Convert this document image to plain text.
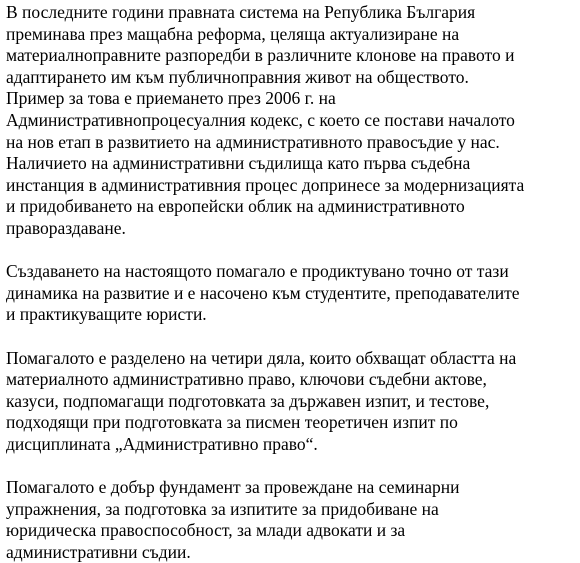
В последните години правната система на Република България
преминава през мащабна реформа, целяща актуализиране на
материалноправните разпоредби в различните клонове на правото и
адаптирането им към публичноправния живот на обществото.
Пример за това е приемането през 2006 г. на
Административнопроцесуалния кодекс, с което се постави началото
на нов етап в развитието на административното правосъдие у нас.
Наличието на административни съдилища като първа съдебна
инстанция в административния процес допринесе за модернизацията
и придобиването на европейски облик на административното
правораздаване.

Създаването на настоящото помагало е продиктувано точно от тази
динамика на развитие и е насочено към студентите, преподавателите
и практикуващите юристи.

Помагалото е разделено на четири дяла, които обхващат областта на
материалното административно право, ключови съдебни актове,
казуси, подпомагащи подготовката за държавен изпит, и тестове,
подходящи при подготовката за писмен теоретичен изпит по
дисциплината „Административно право“.

Помагалото е добър фундамент за провеждане на семинарни
упражнения, за подготовка за изпитите за придобиване на
юридическа правоспособност, за млади адвокати и за
административни съдии.
